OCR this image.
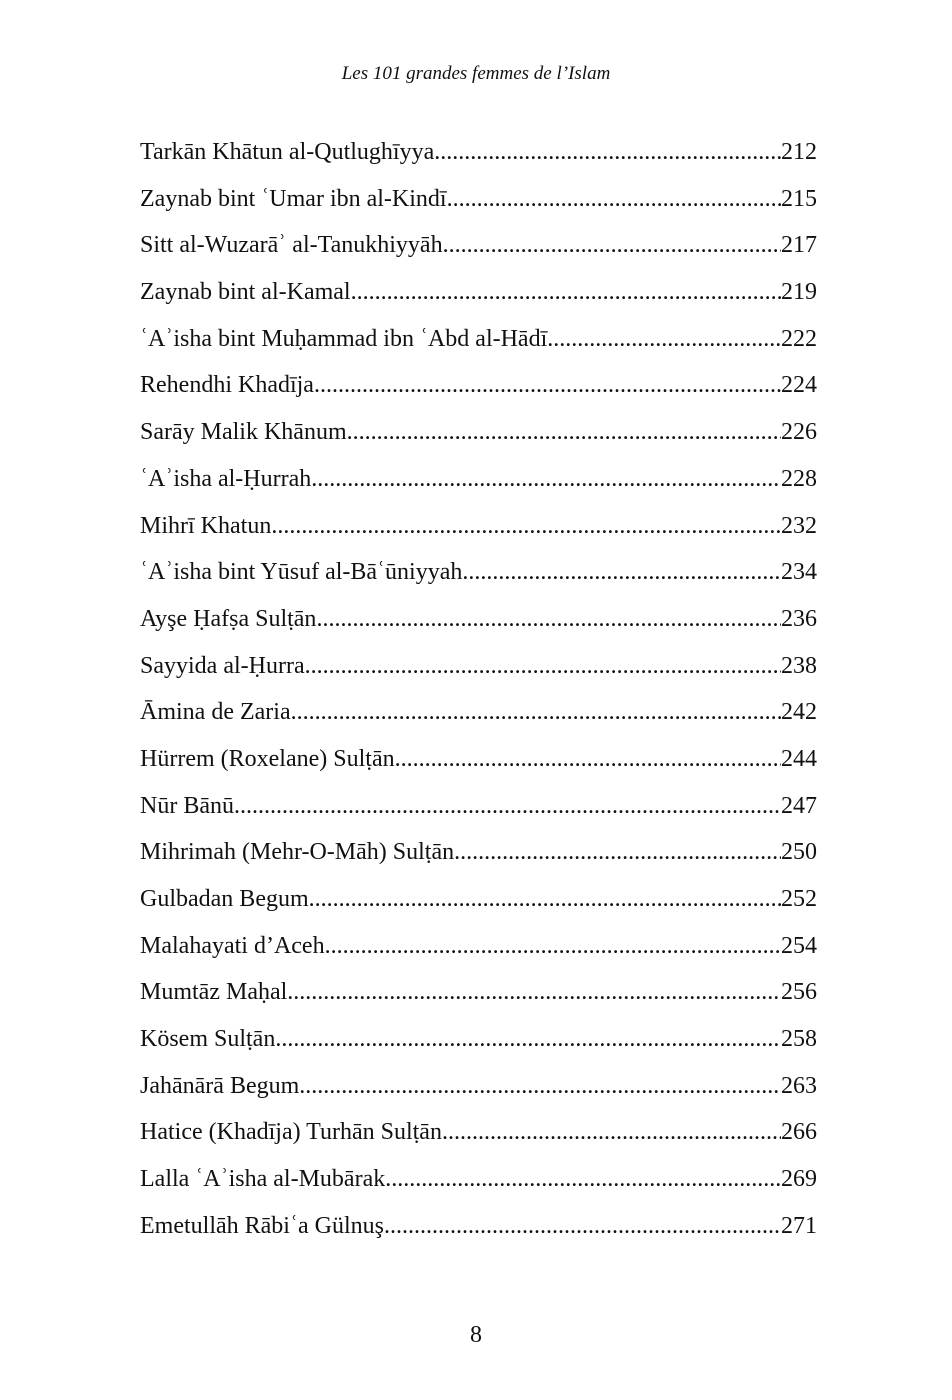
Les 101 grandes femmes de l’Islam
Tarkān Khātun al-Qutlughīyya .....	212
Zaynab bint ʿUmar ibn al-Kindī .....	215
Sitt al-Wuzarāʾ al-Tanukhiyyāh .....	217
Zaynab bint al-Kamal .....	219
ʿAʾisha bint Muḥammad ibn ʿAbd al-Hādī .....	222
Rehendhi Khadīja .....	224
Sarāy Malik Khānum .....	226
ʿAʾisha al-Ḥurrah .....	228
Mihrī Khatun .....	232
ʿAʾisha bint Yūsuf al-Bāʿūniyyah .....	234
Ayşe Ḥafṣa Sulṭān .....	236
Sayyida al-Ḥurra .....	238
Āmina de Zaria .....	242
Hürrem (Roxelane) Sulṭān .....	244
Nūr Bānū .....	247
Mihrimah (Mehr-O-Māh) Sulṭān .....	250
Gulbadan Begum .....	252
Malahayati d’Aceh .....	254
Mumtāz Maḥal .....	256
Kösem Sulṭān .....	258
Jahānārā Begum .....	263
Hatice (Khadīja) Turhān Sulṭān .....	266
Lalla ʿAʾisha al-Mubārak .....	269
Emetullāh Rābiʿa Gülnuş .....	271
8
